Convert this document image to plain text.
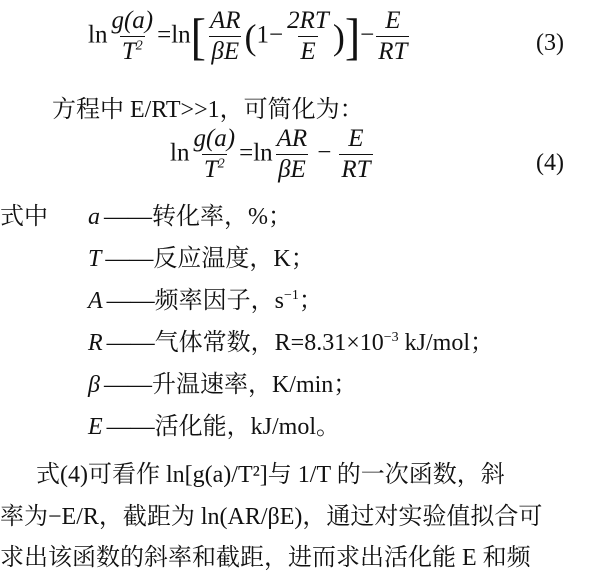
$\ln \frac{g(a)}{T^2} =\ln[ \frac{AR}{\beta E} (1- \frac{2RT}{E}$ )]− $\frac{E}{RT}$	(3)
方程中 E/RT>>1，可简化为：
$\ln \frac{g(a)}{T^2} =\ln \frac{AR}{\beta E} - \frac{E}{RT}$	(4)
式中 a ——转化率，%；
T ——反应温度，K；
A ——频率因子，$s^{-1}$；
R ——气体常数，$R=8.31\times 10^{-3}$ kJ/mol；
β ——升温速率，K/min；
E ——活化能，kJ/mol。
式(4)可看作 ln[g(a)/T²]与 1/T 的一次函数，斜
率为−E/R，截距为 ln(AR/βE)，通过对实验值拟合可
求出该函数的斜率和截距，进而求出活化能 E 和频
